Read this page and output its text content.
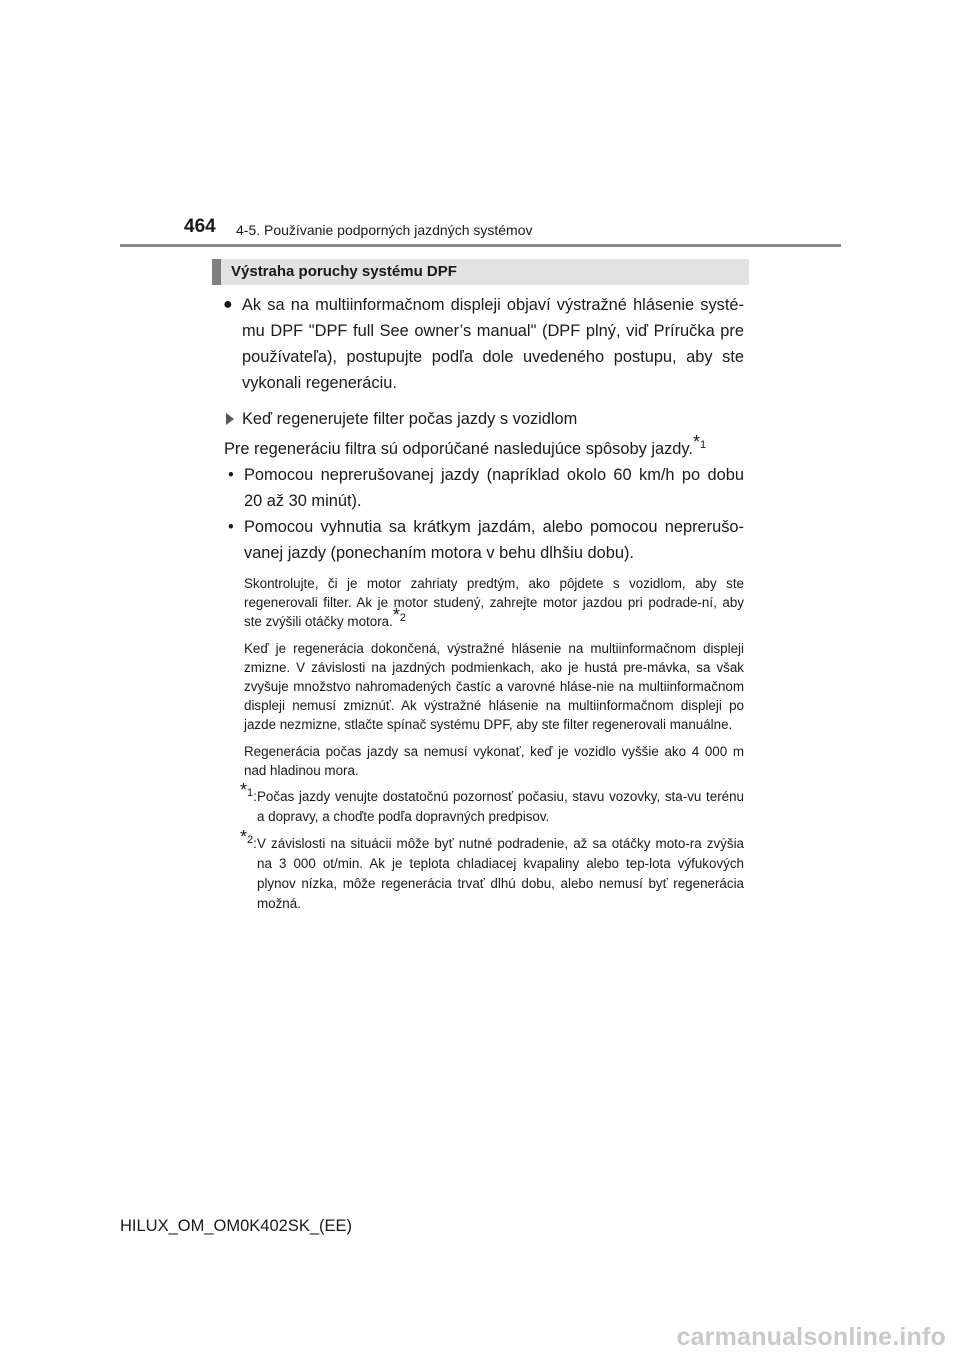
464 4-5. Používanie podporných jazdných systémov
Výstraha poruchy systému DPF

● Ak sa na multiinformačnom displeji objaví výstražné hlásenie systé-mu DPF "DPF full See owner’s manual" (DPF plný, viď Príručka pre používateľa), postupujte podľa dole uvedeného postupu, aby ste vykonali regeneráciu.

Keď regenerujete filter počas jazdy s vozidlom
Pre regeneráciu filtra sú odporúčané nasledujúce spôsoby jazdy.$^{*1}$
• Pomocou neprerušovanej jazdy (napríklad okolo 60 km/h po dobu 20 až 30 minút).
• Pomocou vyhnutia sa krátkym jazdám, alebo pomocou neprerušo-vanej jazdy (ponechaním motora v behu dlhšiu dobu).
Skontrolujte, či je motor zahriaty predtým, ako pôjdete s vozidlom, aby ste regenerovali filter. Ak je motor studený, zahrejte motor jazdou pri podrade-ní, aby ste zvýšili otáčky motora.$^{*2}$
Keď je regenerácia dokončená, výstražné hlásenie na multiinformačnom displeji zmizne. V závislosti na jazdných podmienkach, ako je hustá pre-mávka, sa však zvyšuje množstvo nahromadených častíc a varovné hláse-nie na multiinformačnom displeji nemusí zmiznúť. Ak výstražné hlásenie na multiinformačnom displeji po jazde nezmizne, stlačte spínač systému DPF, aby ste filter regenerovali manuálne.
Regenerácia počas jazdy sa nemusí vykonať, keď je vozidlo vyššie ako 4 000 m nad hladinou mora.
$^{*1}$: Počas jazdy venujte dostatočnú pozornosť počasiu, stavu vozovky, sta-vu terénu a dopravy, a choďte podľa dopravných predpisov.
$^{*2}$: V závislosti na situácii môže byť nutné podradenie, až sa otáčky moto-ra zvýšia na 3 000 ot/min. Ak je teplota chladiacej kvapaliny alebo tep-lota výfukových plynov nízka, môže regenerácia trvať dlhú dobu, alebo nemusí byť regenerácia možná.
HILUX_OM_OM0K402SK_(EE)
carmanualsonline.info
